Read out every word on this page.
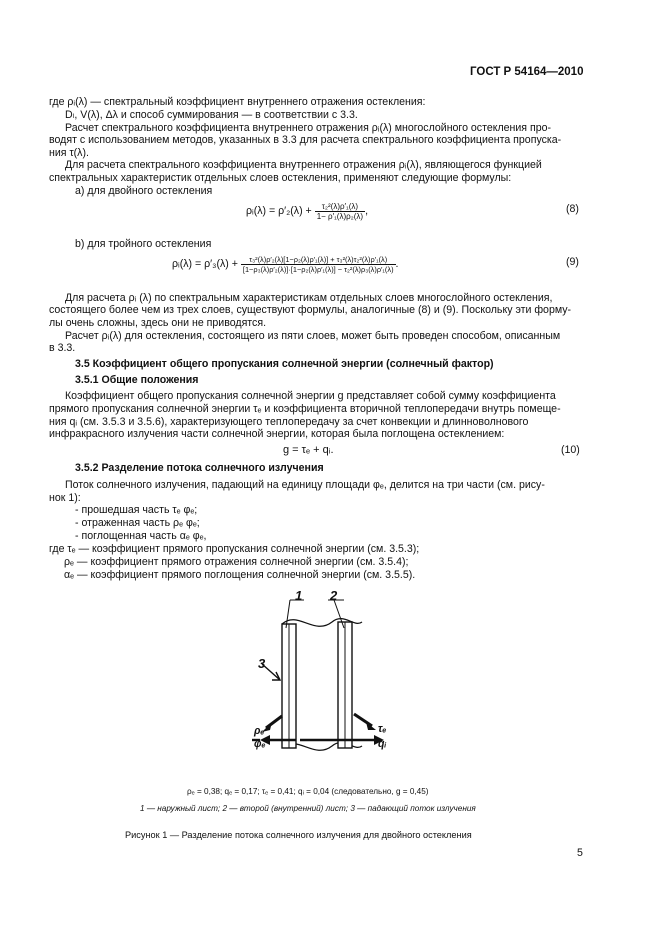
ГОСТ Р 54164—2010
где ρᵢ(λ) — спектральный коэффициент внутреннего отражения остекления:
Dₗ, V(λ), Δλ и способ суммирования — в соответствии с 3.3.
Расчет спектрального коэффициента внутреннего отражения ρᵢ(λ) многослойного остекления про-
водят с использованием методов, указанных в 3.3 для расчета спектрального коэффициента пропуска-
ния τ(λ).
Для расчета спектрального коэффициента внутреннего отражения ρᵢ(λ), являющегося функцией
спектральных характеристик отдельных слоев остекления, применяют следующие формулы:
a) для двойного остекления
ρᵢ(λ) = $\rho'_2(\lambda) + \frac{\text{τ₂²(λ)ρ′₁(λ)}}{\text{1− ρ′₁(λ)ρ₂(λ)}}$ ,	(8)
b) для тройного остекления
ρᵢ(λ) = $\rho'_3(\lambda) + \frac{\text{τ₃²(λ)ρ′₂(λ)[1−ρ₂(λ)ρ′₁(λ)] + τ₃²(λ)τ₂²(λ)ρ′₁(λ)}}{\text{[1−ρ₃(λ)ρ′₂(λ)]·[1−ρ₂(λ)ρ′₁(λ)] − τ₂²(λ)ρ₃(λ)ρ′₁(λ)}}$ .	(9)
Для расчета ρᵢ (λ) по спектральным характеристикам отдельных слоев многослойного остекления,
состоящего более чем из трех слоев, существуют формулы, аналогичные (8) и (9). Поскольку эти форму-
лы очень сложны, здесь они не приводятся.
Расчет ρᵢ(λ) для остекления, состоящего из пяти слоев, может быть проведен способом, описанным
в 3.3.
3.5 Коэффициент общего пропускания солнечной энергии (солнечный фактор)
3.5.1 Общие положения
Коэффициент общего пропускания солнечной энергии g представляет собой сумму коэффициента
прямого пропускания солнечной энергии τₑ и коэффициента вторичной теплопередачи внутрь помеще-
ния qᵢ (см. 3.5.3 и 3.5.6), характеризующего теплопередачу за счет конвекции и длинноволнового
инфракрасного излучения части солнечной энергии, которая была поглощена остеклением:
g = τₑ + qᵢ.	(10)
3.5.2 Разделение потока солнечного излучения
Поток солнечного излучения, падающий на единицу площади φₑ, делится на три части (см. рису-
нок 1):
- прошедшая часть τₑ φₑ;
- отраженная часть ρₑ φₑ;
- поглощенная часть αₑ φₑ,
где τₑ — коэффициент прямого пропускания солнечной энергии (см. 3.5.3);
ρₑ — коэффициент прямого отражения солнечной энергии (см. 3.5.4);
αₑ — коэффициент прямого поглощения солнечной энергии (см. 3.5.5).
1 2
3
ρₑ
φₑ
τₑ
qᵢ
ρₑ = 0,38; qₑ = 0,17; τₑ = 0,41; qᵢ = 0,04 (следовательно, g = 0,45)
1 — наружный лист; 2 — второй (внутренний) лист; 3 — падающий поток излучения
Рисунок 1 — Разделение потока солнечного излучения для двойного остекления
5
